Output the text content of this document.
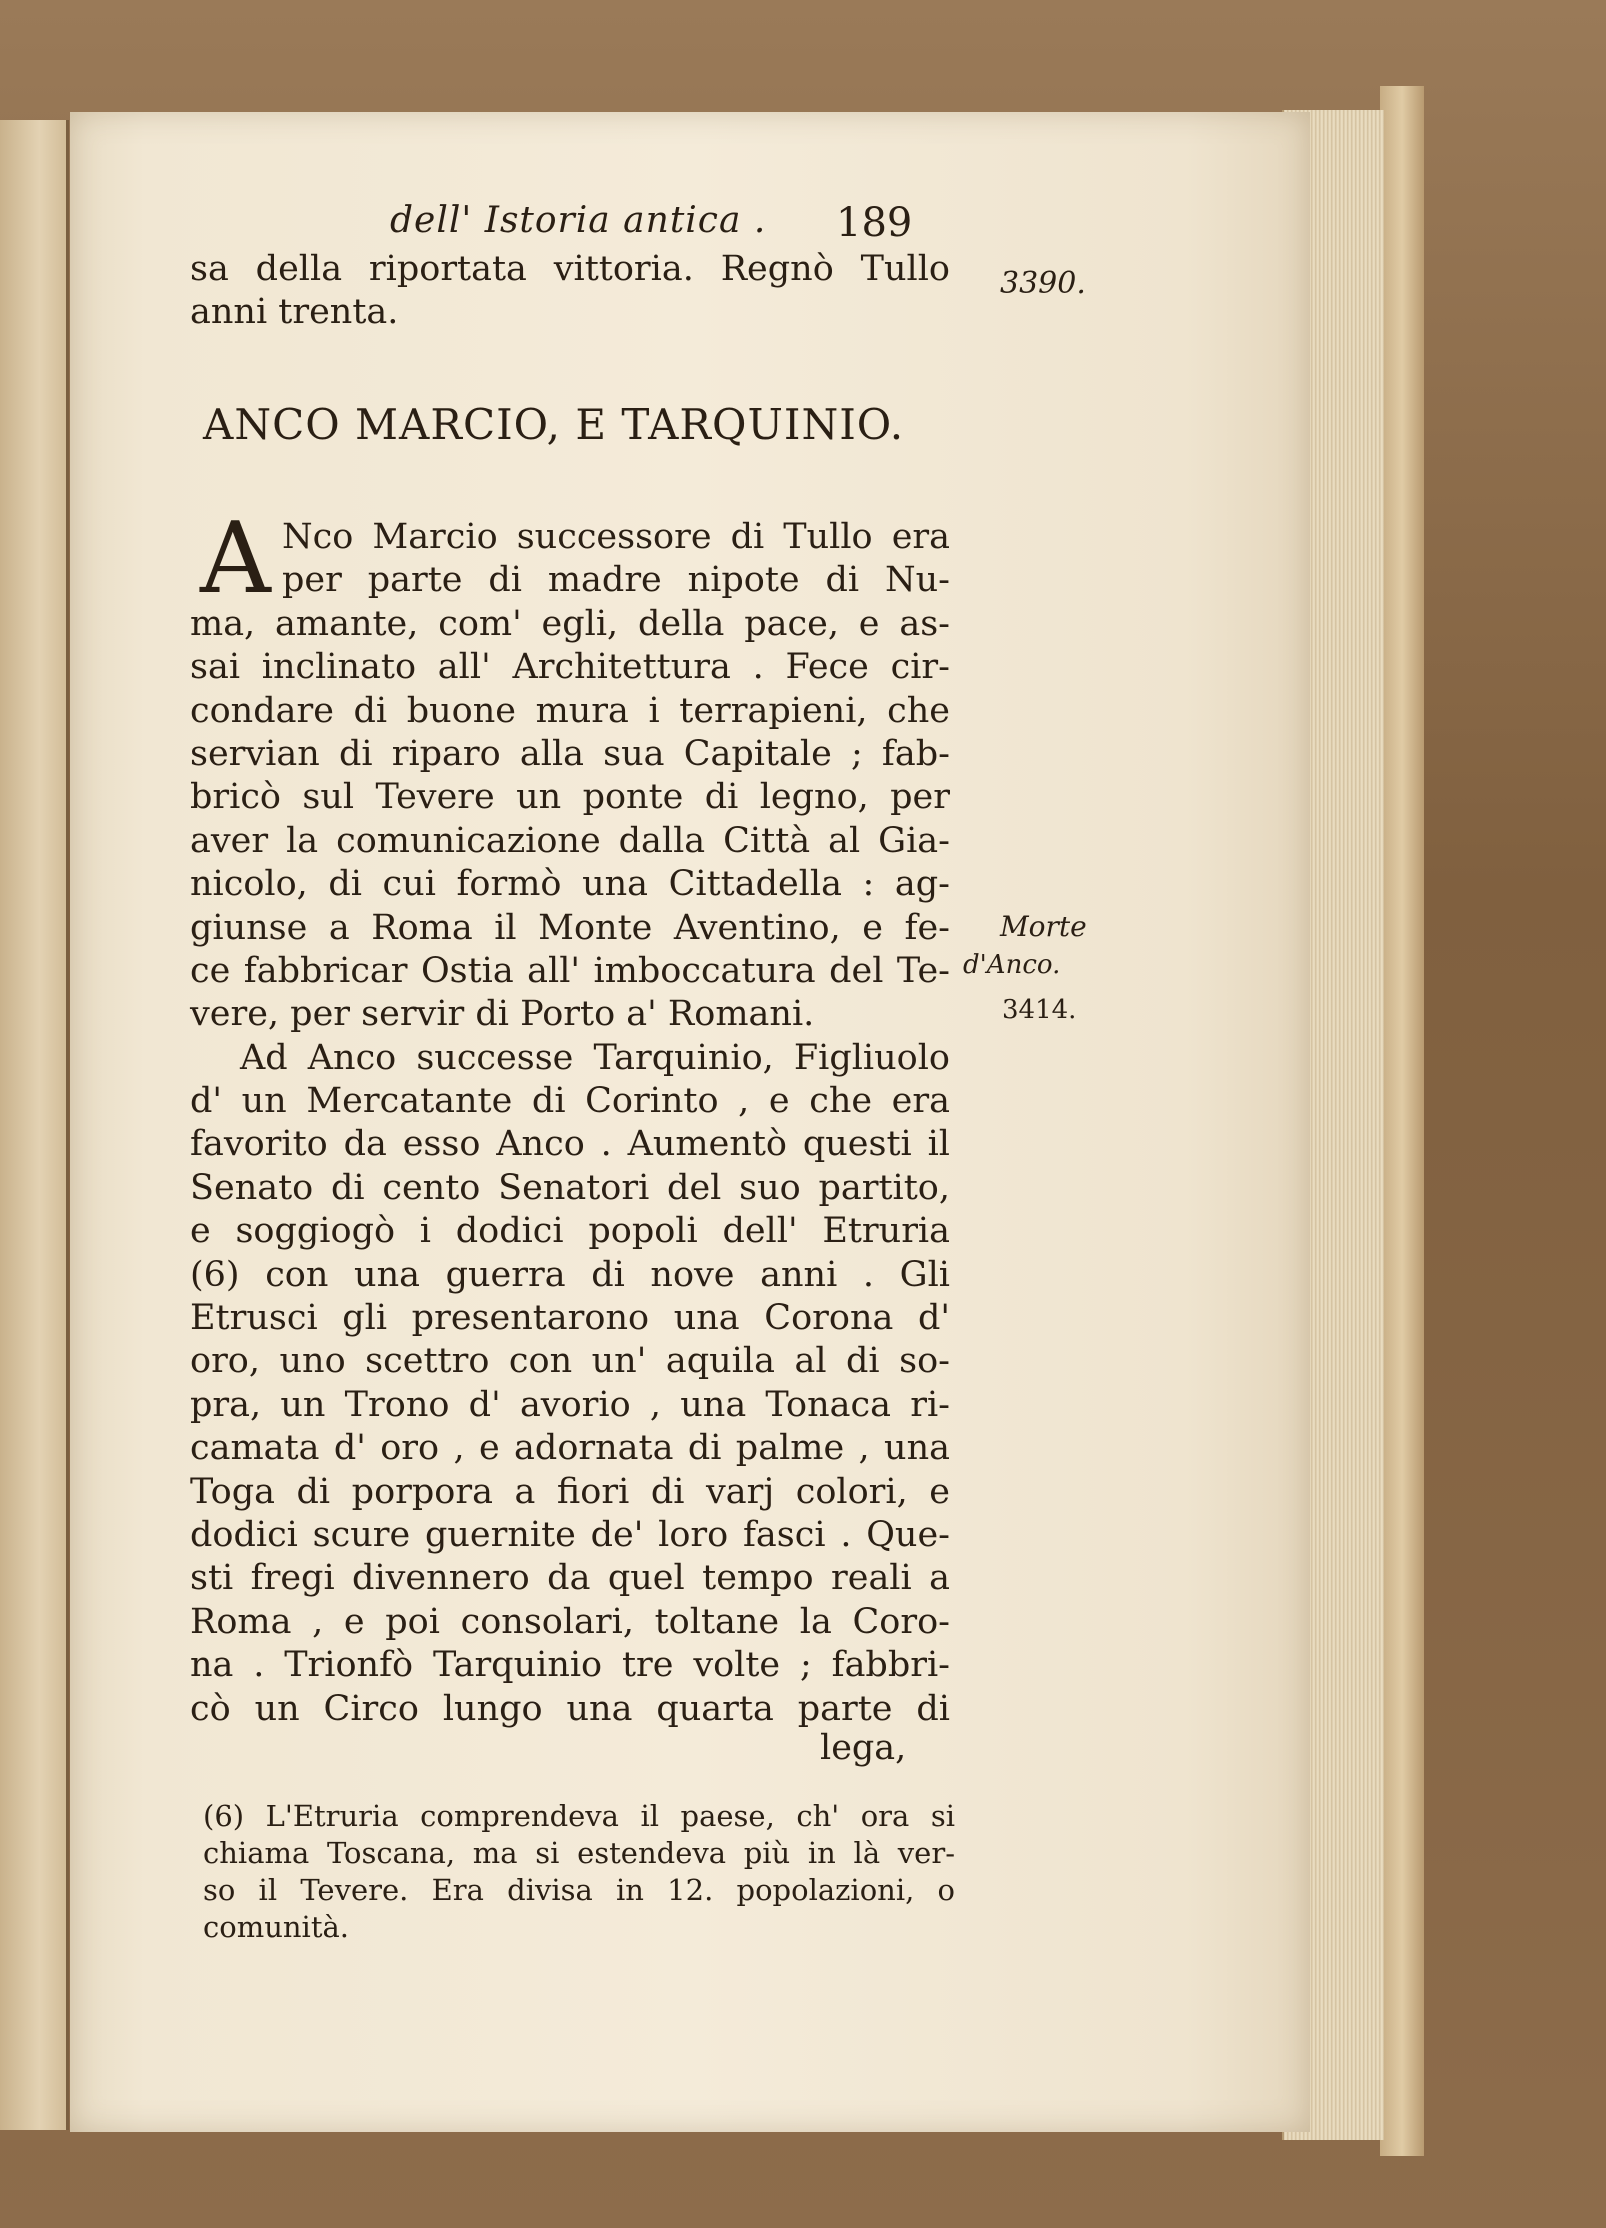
dell' Istoria antica . 189
sa della riportata vittoria. Regnò Tullo
anni trenta.
ANCO MARCIO, E TARQUINIO.
A Nco Marcio successore di Tullo era
per parte di madre nipote di Nu-
ma, amante, com' egli, della pace, e as-
sai inclinato all' Architettura . Fece cir-
condare di buone mura i terrapieni, che
servian di riparo alla sua Capitale ; fab-
bricò sul Tevere un ponte di legno, per
aver la comunicazione dalla Città al Gia-
nicolo, di cui formò una Cittadella : ag-
giunse a Roma il Monte Aventino, e fe-
ce fabbricar Ostia all' imboccatura del Te-
vere, per servir di Porto a' Romani.
Ad Anco successe Tarquinio, Figliuolo
d' un Mercatante di Corinto , e che era
favorito da esso Anco . Aumentò questi il
Senato di cento Senatori del suo partito,
e soggiogò i dodici popoli dell' Etruria
(6) con una guerra di nove anni . Gli
Etrusci gli presentarono una Corona d'
oro, uno scettro con un' aquila al di so-
pra, un Trono d' avorio , una Tonaca ri-
camata d' oro , e adornata di palme , una
Toga di porpora a fiori di varj colori, e
dodici scure guernite de' loro fasci . Que-
sti fregi divennero da quel tempo reali a
Roma , e poi consolari, toltane la Coro-
na . Trionfò Tarquinio tre volte ; fabbri-
cò un Circo lungo una quarta parte di
lega,
(6) L'Etruria comprendeva il paese, ch' ora si
chiama Toscana, ma si estendeva più in là ver-
so il Tevere. Era divisa in 12. popolazioni, o
comunità.
3390.
Morte
d'Anco.
3414.
